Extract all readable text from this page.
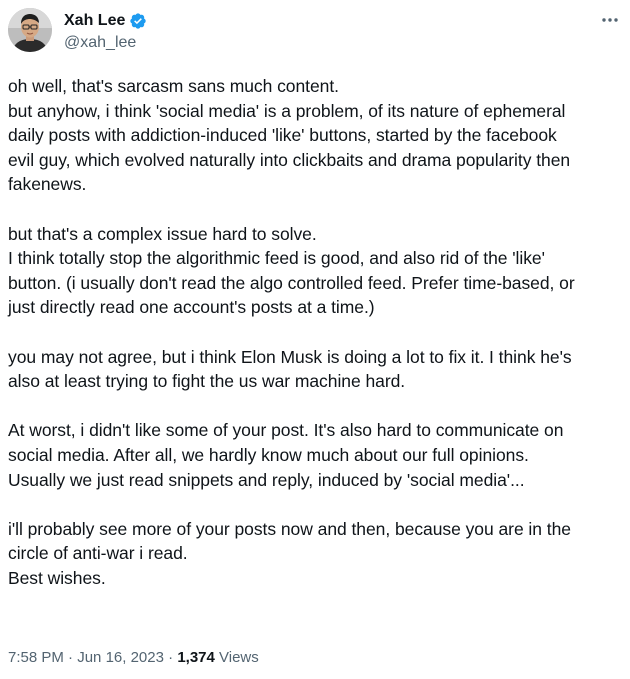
Xah Lee
@xah_lee
oh well, that's sarcasm sans much content.
but anyhow, i think 'social media' is a problem, of its nature of ephemeral
daily posts with addiction-induced 'like' buttons, started by the facebook
evil guy, which evolved naturally into clickbaits and drama popularity then
fakenews.
but that's a complex issue hard to solve.
I think totally stop the algorithmic feed is good, and also rid of the 'like'
button. (i usually don't read the algo controlled feed. Prefer time-based, or
just directly read one account's posts at a time.)
you may not agree, but i think Elon Musk is doing a lot to fix it. I think he's
also at least trying to fight the us war machine hard.
At worst, i didn't like some of your post. It's also hard to communicate on
social media. After all, we hardly know much about our full opinions.
Usually we just read snippets and reply, induced by 'social media'...
i'll probably see more of your posts now and then, because you are in the
circle of anti-war i read.
Best wishes.
7:58 PM · Jun 16, 2023 · 1,374 Views
